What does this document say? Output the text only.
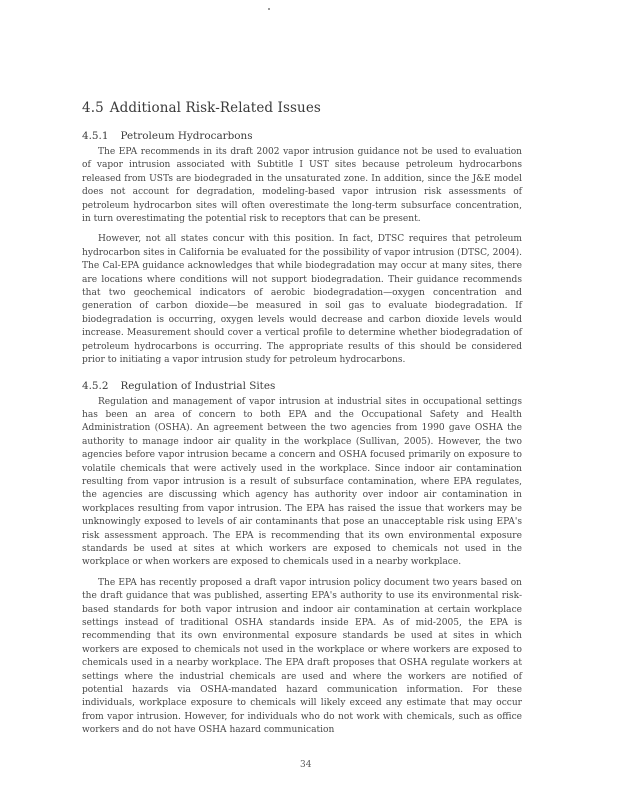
4.5 Additional Risk-Related Issues
4.5.1 Petroleum Hydrocarbons

The EPA recommends in its draft 2002 vapor intrusion guidance not be used to evaluation of vapor intrusion associated with Subtitle I UST sites because petroleum hydrocarbons released from USTs are biodegraded in the unsaturated zone. In addition, since the J&E model does not account for degradation, modeling-based vapor intrusion risk assessments of petroleum hydrocarbon sites will often overestimate the long-term subsurface concentration, in turn overestimating the potential risk to receptors that can be present.

However, not all states concur with this position. In fact, DTSC requires that petroleum hydrocarbon sites in California be evaluated for the possibility of vapor intrusion (DTSC, 2004). The Cal-EPA guidance acknowledges that while biodegradation may occur at many sites, there are locations where conditions will not support biodegradation. Their guidance recommends that two geochemical indicators of aerobic biodegradation—oxygen concentration and generation of carbon dioxide—be measured in soil gas to evaluate biodegradation. If biodegradation is occurring, oxygen levels would decrease and carbon dioxide levels would increase. Measurement should cover a vertical profile to determine whether biodegradation of petroleum hydrocarbons is occurring. The appropriate results of this should be considered prior to initiating a vapor intrusion study for petroleum hydrocarbons.

4.5.2 Regulation of Industrial Sites

Regulation and management of vapor intrusion at industrial sites in occupational settings has been an area of concern to both EPA and the Occupational Safety and Health Administration (OSHA). An agreement between the two agencies from 1990 gave OSHA the authority to manage indoor air quality in the workplace (Sullivan, 2005). However, the two agencies before vapor intrusion became a concern and OSHA focused primarily on exposure to volatile chemicals that were actively used in the workplace. Since indoor air contamination resulting from vapor intrusion is a result of subsurface contamination, where EPA regulates, the agencies are discussing which agency has authority over indoor air contamination in workplaces resulting from vapor intrusion. The EPA has raised the issue that workers may be unknowingly exposed to levels of air contaminants that pose an unacceptable risk using EPA's risk assessment approach. The EPA is recommending that its own environmental exposure standards be used at sites at which workers are exposed to chemicals not used in the workplace or when workers are exposed to chemicals used in a nearby workplace.

The EPA has recently proposed a draft vapor intrusion policy document two years based on the draft guidance that was published, asserting EPA's authority to use its environmental risk-based standards for both vapor intrusion and indoor air contamination at certain workplace settings instead of traditional OSHA standards inside EPA. As of mid-2005, the EPA is recommending that its own environmental exposure standards be used at sites in which workers are exposed to chemicals not used in the workplace or where workers are exposed to chemicals used in a nearby workplace. The EPA draft proposes that OSHA regulate workers at settings where the industrial chemicals are used and where the workers are notified of potential hazards via OSHA-mandated hazard communication information. For these individuals, workplace exposure to chemicals will likely exceed any estimate that may occur from vapor intrusion. However, for individuals who do not work with chemicals, such as office workers and do not have OSHA hazard communication

34
